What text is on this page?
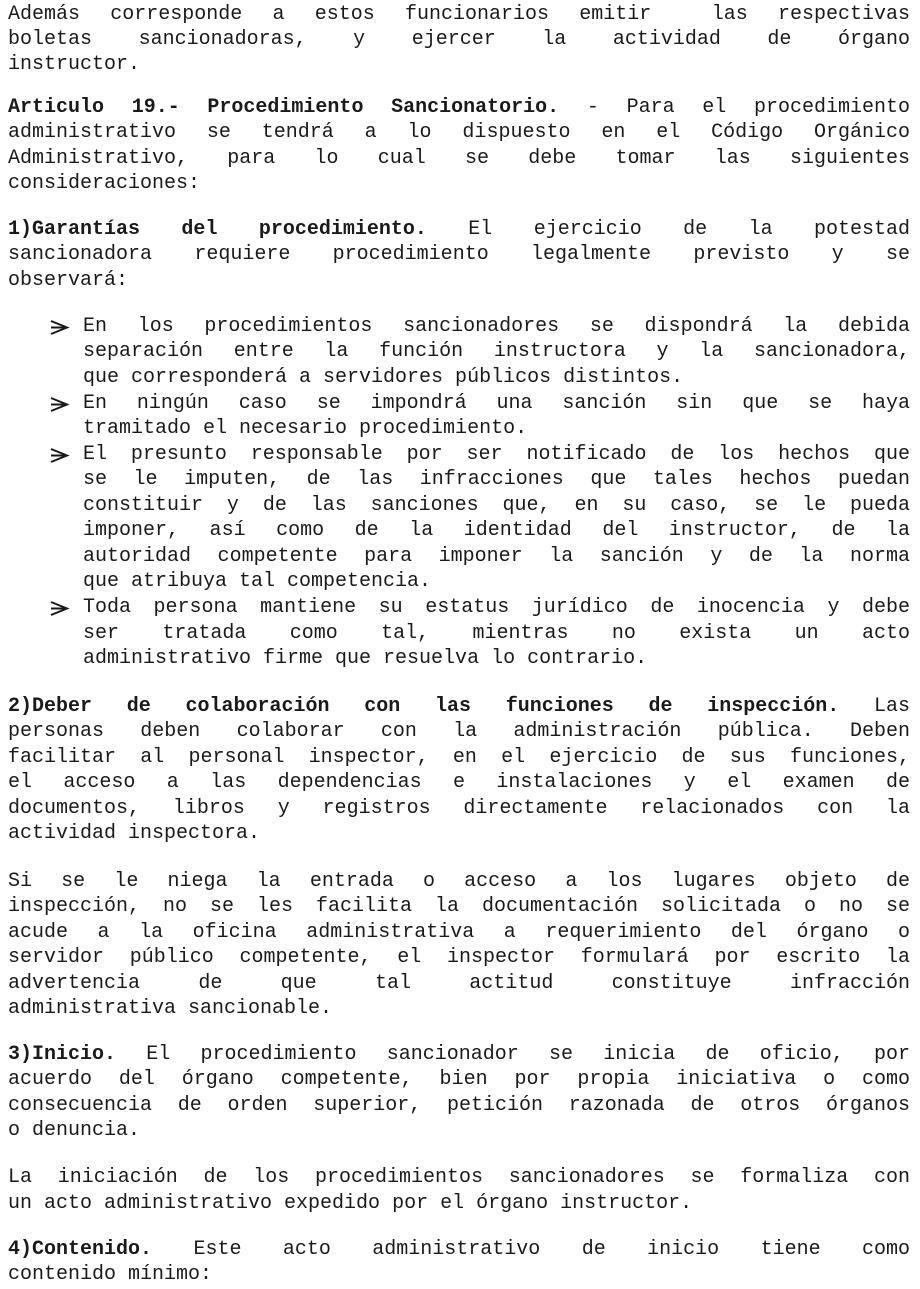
Además corresponde a estos funcionarios emitir  las respectivas
boletas sancionadoras, y ejercer la actividad de órgano
instructor.
Articulo 19.- Procedimiento Sancionatorio. - Para el procedimiento
administrativo se tendrá a lo dispuesto en el Código Orgánico
Administrativo, para lo cual se debe tomar las siguientes
consideraciones:
1)Garantías del procedimiento. El ejercicio de la potestad
sancionadora requiere procedimiento legalmente previsto y se
observará:
En los procedimientos sancionadores se dispondrá la debida
separación entre la función instructora y la sancionadora,
que corresponderá a servidores públicos distintos.
En ningún caso se impondrá una sanción sin que se haya
tramitado el necesario procedimiento.
El presunto responsable por ser notificado de los hechos que
se le imputen, de las infracciones que tales hechos puedan
constituir y de las sanciones que, en su caso, se le pueda
imponer, así como de la identidad del instructor, de la
autoridad competente para imponer la sanción y de la norma
que atribuya tal competencia.
Toda persona mantiene su estatus jurídico de inocencia y debe
ser tratada como tal, mientras no exista un acto
administrativo firme que resuelva lo contrario.
2)Deber de colaboración con las funciones de inspección. Las
personas deben colaborar con la administración pública. Deben
facilitar al personal inspector, en el ejercicio de sus funciones,
el acceso a las dependencias e instalaciones y el examen de
documentos, libros y registros directamente relacionados con la
actividad inspectora.
Si se le niega la entrada o acceso a los lugares objeto de
inspección, no se les facilita la documentación solicitada o no se
acude a la oficina administrativa a requerimiento del órgano o
servidor público competente, el inspector formulará por escrito la
advertencia de que tal actitud constituye infracción
administrativa sancionable.
3)Inicio. El procedimiento sancionador se inicia de oficio, por
acuerdo del órgano competente, bien por propia iniciativa o como
consecuencia de orden superior, petición razonada de otros órganos
o denuncia.
La iniciación de los procedimientos sancionadores se formaliza con
un acto administrativo expedido por el órgano instructor.
4)Contenido. Este acto administrativo de inicio tiene como
contenido mínimo:
